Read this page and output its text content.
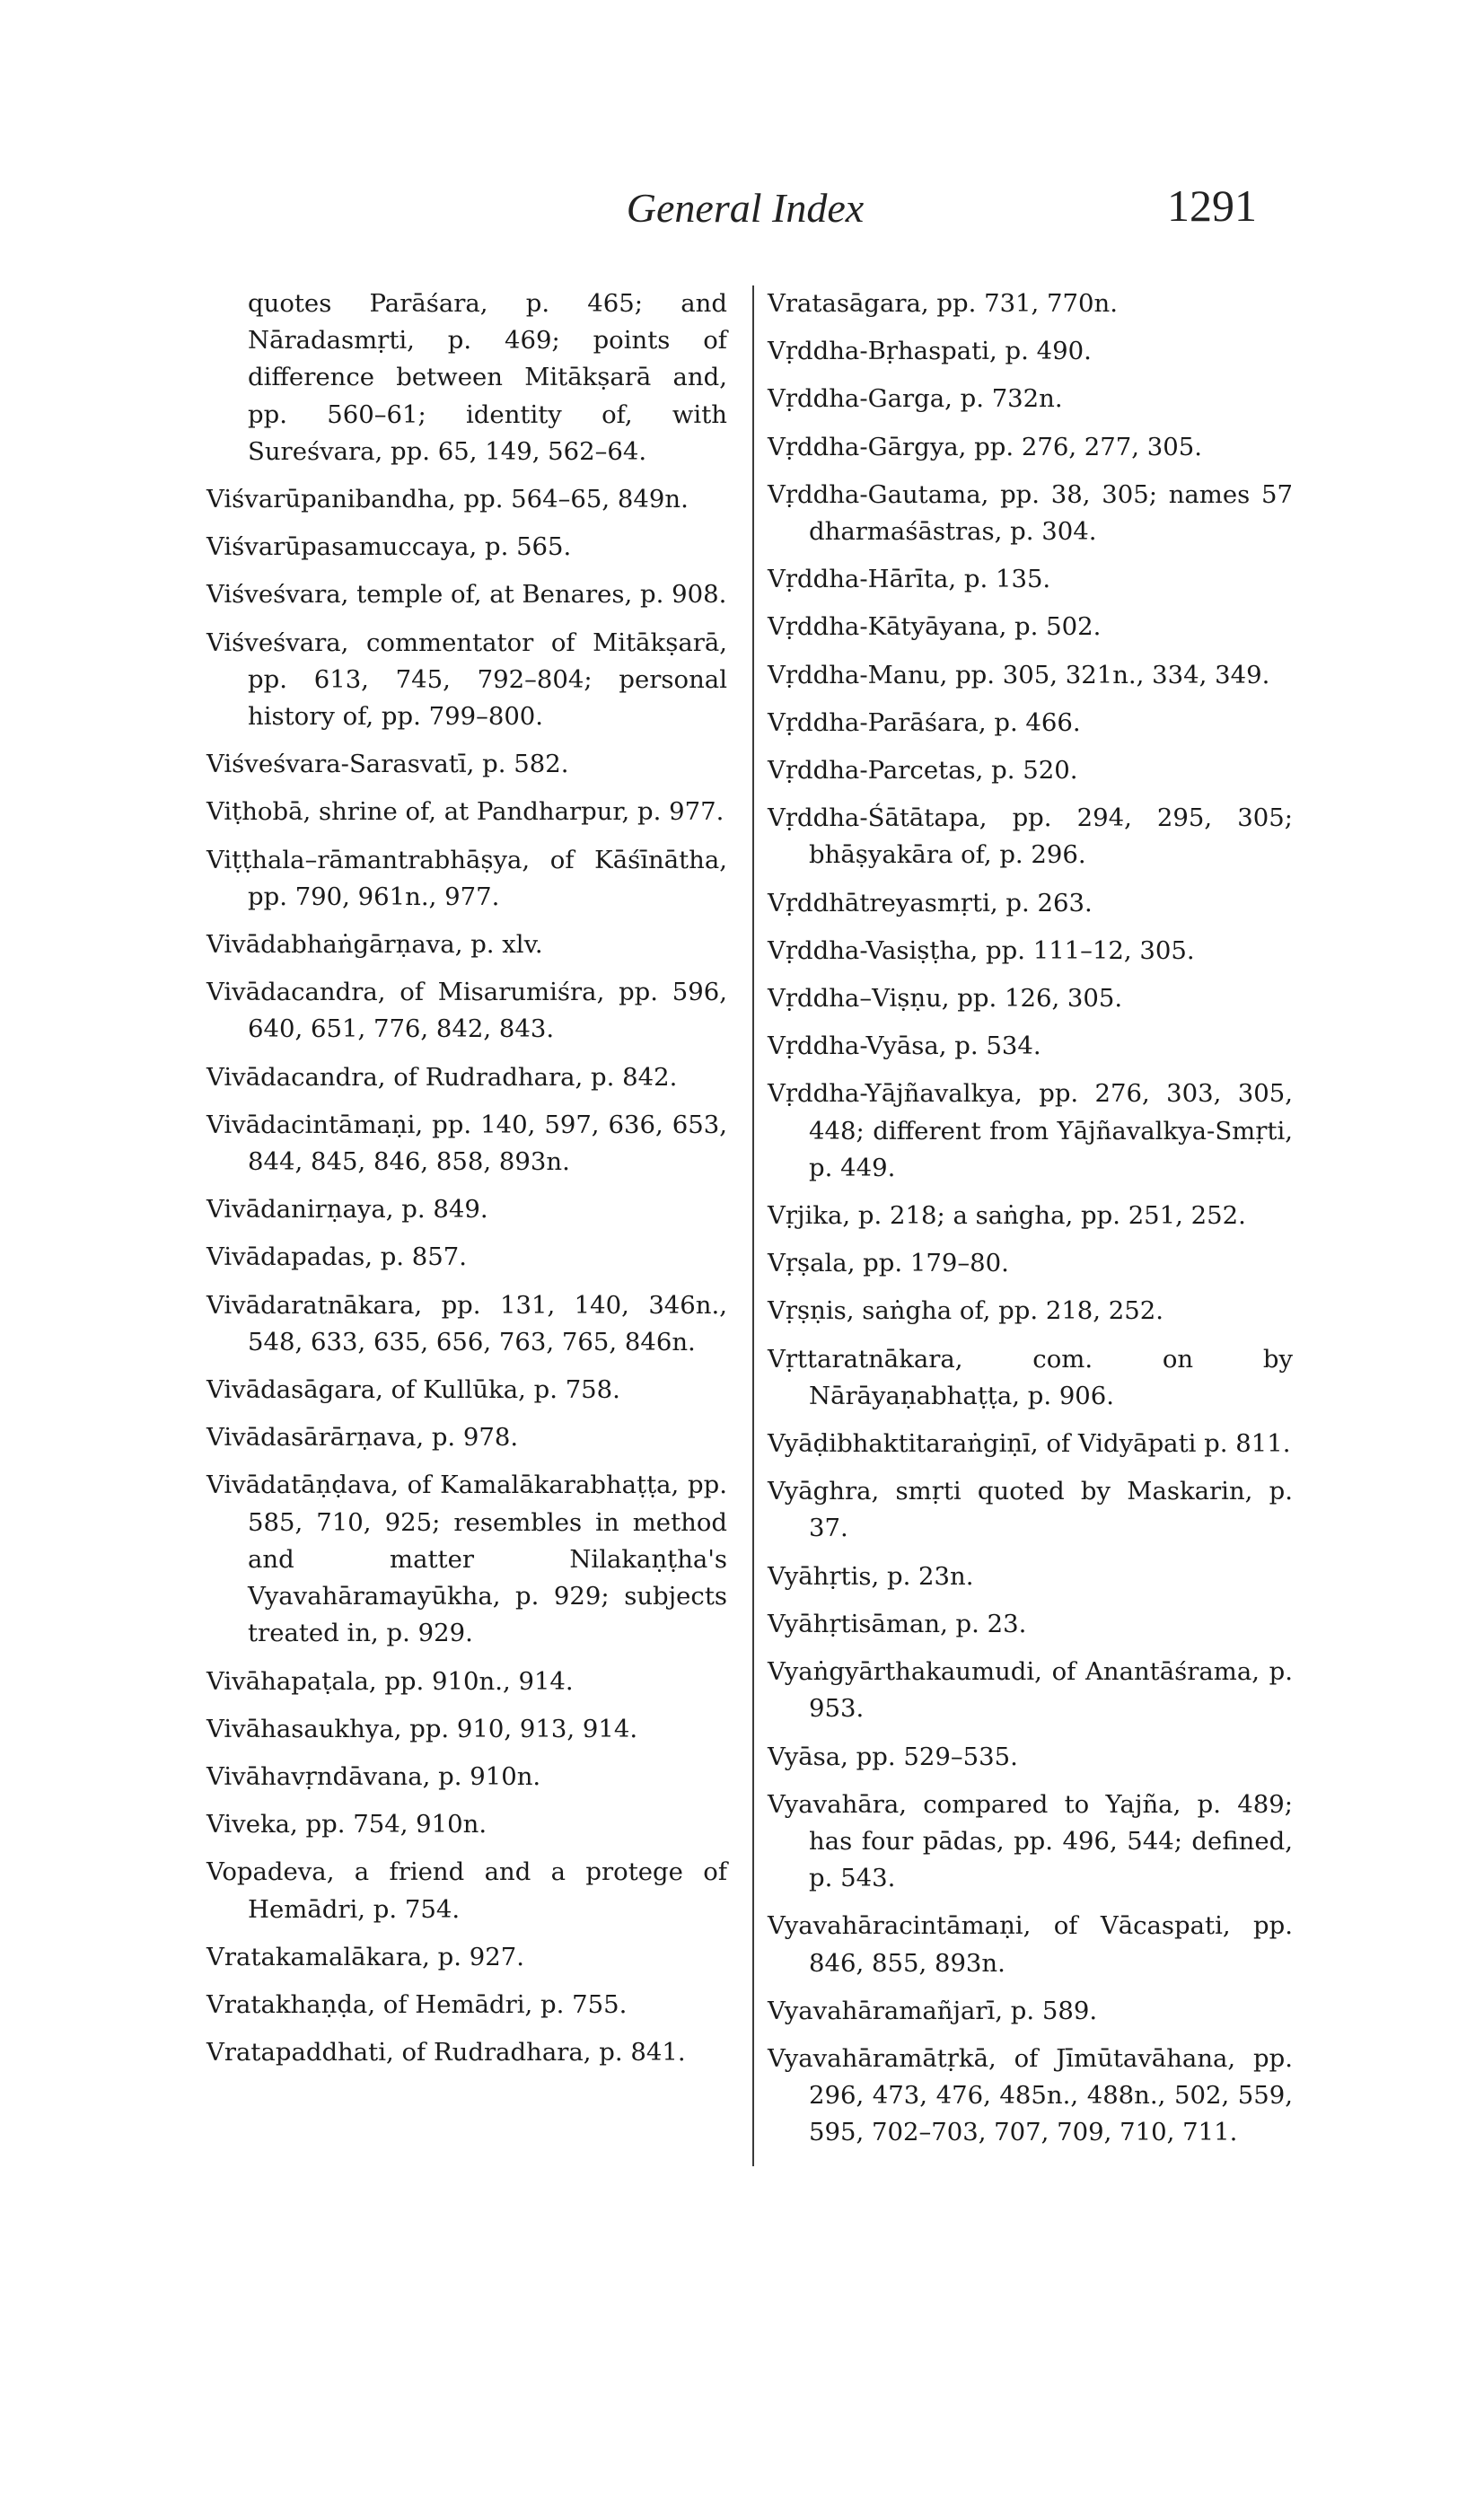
General Index	1291

quotes Parāśara, p. 465; and Nāradasmṛti, p. 469; points of difference between Mitākṣarā and, pp. 560–61; identity of, with Sureśvara, pp. 65, 149, 562–64.

Viśvarūpanibandha, pp. 564–65, 849n.

Viśvarūpasamuccaya, p. 565.

Viśveśvara, temple of, at Benares, p. 908.

Viśveśvara, commentator of Mitākṣarā, pp. 613, 745, 792–804; personal history of, pp. 799–800.

Viśveśvara-Sarasvatī, p. 582.

Viṭhobā, shrine of, at Pandharpur, p. 977.

Viṭṭhala–rāmantrabhāṣya, of Kāśīnātha, pp. 790, 961n., 977.

Vivādabhaṅgārṇava, p. xlv.

Vivādacandra, of Misarumiśra, pp. 596, 640, 651, 776, 842, 843.

Vivādacandra, of Rudradhara, p. 842.

Vivādacintāmaṇi, pp. 140, 597, 636, 653, 844, 845, 846, 858, 893n.

Vivādanirṇaya, p. 849.

Vivādapadas, p. 857.

Vivādaratnākara, pp. 131, 140, 346n., 548, 633, 635, 656, 763, 765, 846n.

Vivādasāgara, of Kullūka, p. 758.

Vivādasārārṇava, p. 978.

Vivādatāṇḍava, of Kamalākarabhaṭṭa, pp. 585, 710, 925; resembles in method and matter Nilakaṇṭha's Vyavahāramayūkha, p. 929; subjects treated in, p. 929.

Vivāhapaṭala, pp. 910n., 914.

Vivāhasaukhya, pp. 910, 913, 914.

Vivāhavṛndāvana, p. 910n.

Viveka, pp. 754, 910n.

Vopadeva, a friend and a protege of Hemādri, p. 754.

Vratakamalākara, p. 927.

Vratakhaṇḍa, of Hemādri, p. 755.

Vratapaddhati, of Rudradhara, p. 841.

Vratasāgara, pp. 731, 770n.

Vṛddha-Bṛhaspati, p. 490.

Vṛddha-Garga, p. 732n.

Vṛddha-Gārgya, pp. 276, 277, 305.

Vṛddha-Gautama, pp. 38, 305; names 57 dharmaśāstras, p. 304.

Vṛddha-Hārīta, p. 135.

Vṛddha-Kātyāyana, p. 502.

Vṛddha-Manu, pp. 305, 321n., 334, 349.

Vṛddha-Parāśara, p. 466.

Vṛddha-Parcetas, p. 520.

Vṛddha-Śātātapa, pp. 294, 295, 305; bhāṣyakāra of, p. 296.

Vṛddhātreyasmṛti, p. 263.

Vṛddha-Vasiṣṭha, pp. 111–12, 305.

Vṛddha–Viṣṇu, pp. 126, 305.

Vṛddha-Vyāsa, p. 534.

Vṛddha-Yājñavalkya, pp. 276, 303, 305, 448; different from Yājñavalkya-Smṛti, p. 449.

Vṛjika, p. 218; a saṅgha, pp. 251, 252.

Vṛṣala, pp. 179–80.

Vṛṣṇis, saṅgha of, pp. 218, 252.

Vṛttaratnākara, com. on by Nārāyaṇabhaṭṭa, p. 906.

Vyāḍibhaktitaraṅgiṇī, of Vidyāpati p. 811.

Vyāghra, smṛti quoted by Maskarin, p. 37.

Vyāhṛtis, p. 23n.

Vyāhṛtisāman, p. 23.

Vyaṅgyārthakaumudi, of Anantāśrama, p. 953.

Vyāsa, pp. 529–535.

Vyavahāra, compared to Yajña, p. 489; has four pādas, pp. 496, 544; defined, p. 543.

Vyavahāracintāmaṇi, of Vācaspati, pp. 846, 855, 893n.

Vyavahāramañjarī, p. 589.

Vyavahāramātṛkā, of Jīmūtavāhana, pp. 296, 473, 476, 485n., 488n., 502, 559, 595, 702–703, 707, 709, 710, 711.
